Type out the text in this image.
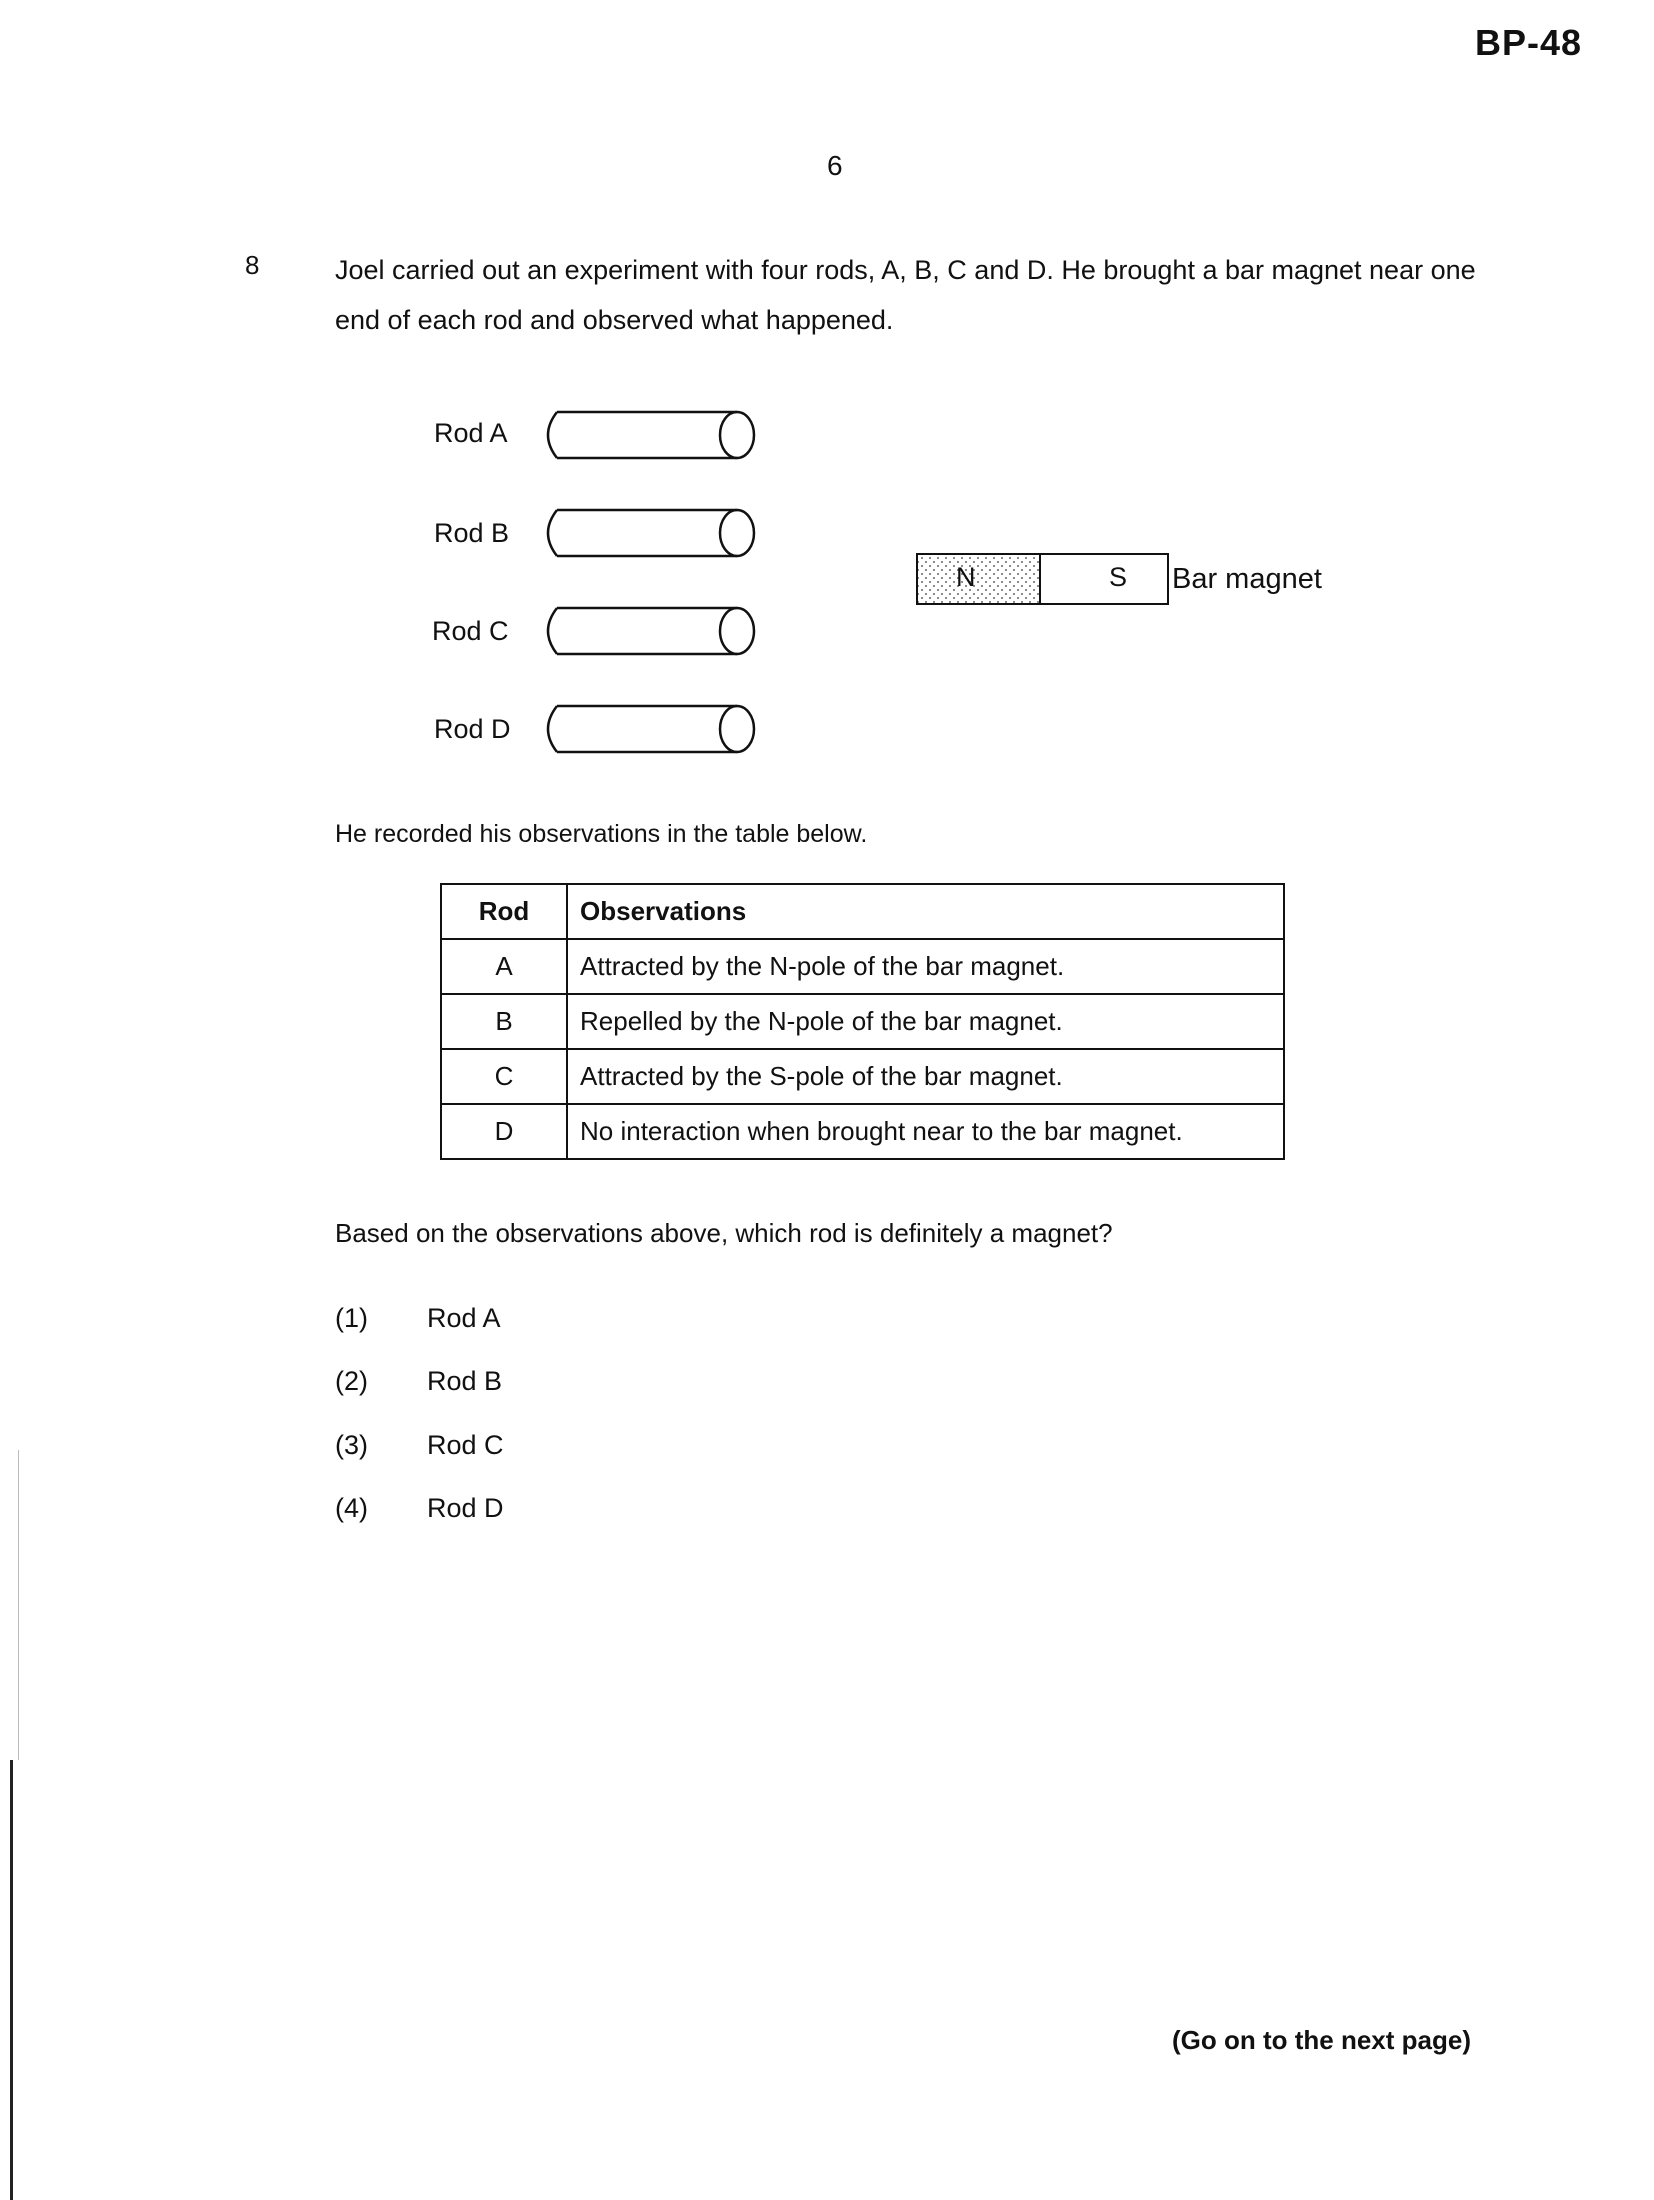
BP-48
6
8	Joel carried out an experiment with four rods, A, B, C and D. He brought a bar magnet near one end of each rod and observed what happened.
Rod A
Rod B
Rod C
Rod D
N	S Bar magnet
He recorded his observations in the table below.
Rod	Observations
A	Attracted by the N-pole of the bar magnet.
B	Repelled by the N-pole of the bar magnet.
C	Attracted by the S-pole of the bar magnet.
D	No interaction when brought near to the bar magnet.
Based on the observations above, which rod is definitely a magnet?
(1) Rod A
(2) Rod B
(3) Rod C
(4) Rod D
(Go on to the next page)
